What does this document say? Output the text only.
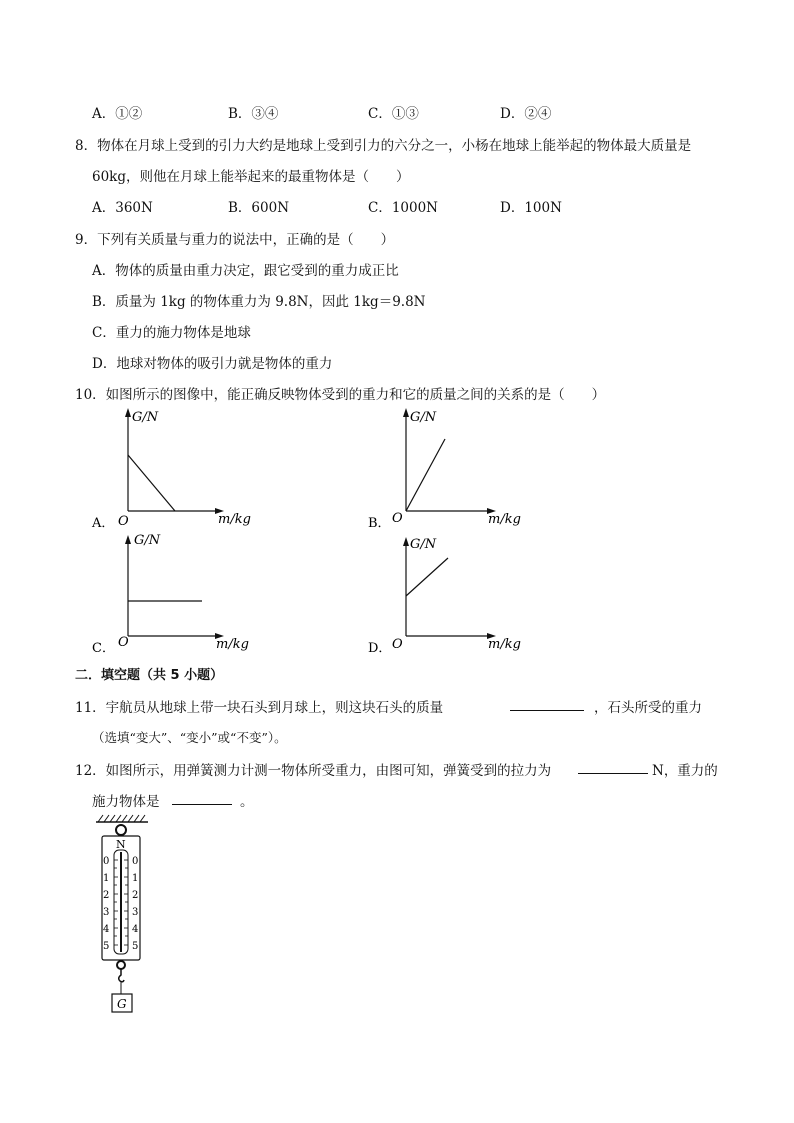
A．①②	B．③④	C．①③	D．②④
8．物体在月球上受到的引力大约是地球上受到引力的六分之一，小杨在地球上能举起的物体最大质量是
60kg，则他在月球上能举起来的最重物体是（　　）
A．360N	B．600N	C．1000N	D．100N
9．下列有关质量与重力的说法中，正确的是（　　）
A．物体的质量由重力决定，跟它受到的重力成正比
B．质量为 1kg 的物体重力为 9.8N，因此 1kg＝9.8N
C．重力的施力物体是地球
D．地球对物体的吸引力就是物体的重力
10．如图所示的图像中，能正确反映物体受到的重力和它的质量之间的关系的是（　　）
G/N
O	m/kg
A．
G/N
O	m/kg
B．
G/N
O	m/kg
C．
G/N
O	m/kg
D．
二．填空题（共 5 小题）
11．宇航员从地球上带一块石头到月球上，则这块石头的质量	，石头所受的重力
（选填“变大”、“变小”或“不变”）。
12．如图所示，用弹簧测力计测一物体所受重力，由图可知，弹簧受到的拉力为	N，重力的
施力物体是	。
N
0
1
2
3
4
5
0
1
2
3
4
5
G
